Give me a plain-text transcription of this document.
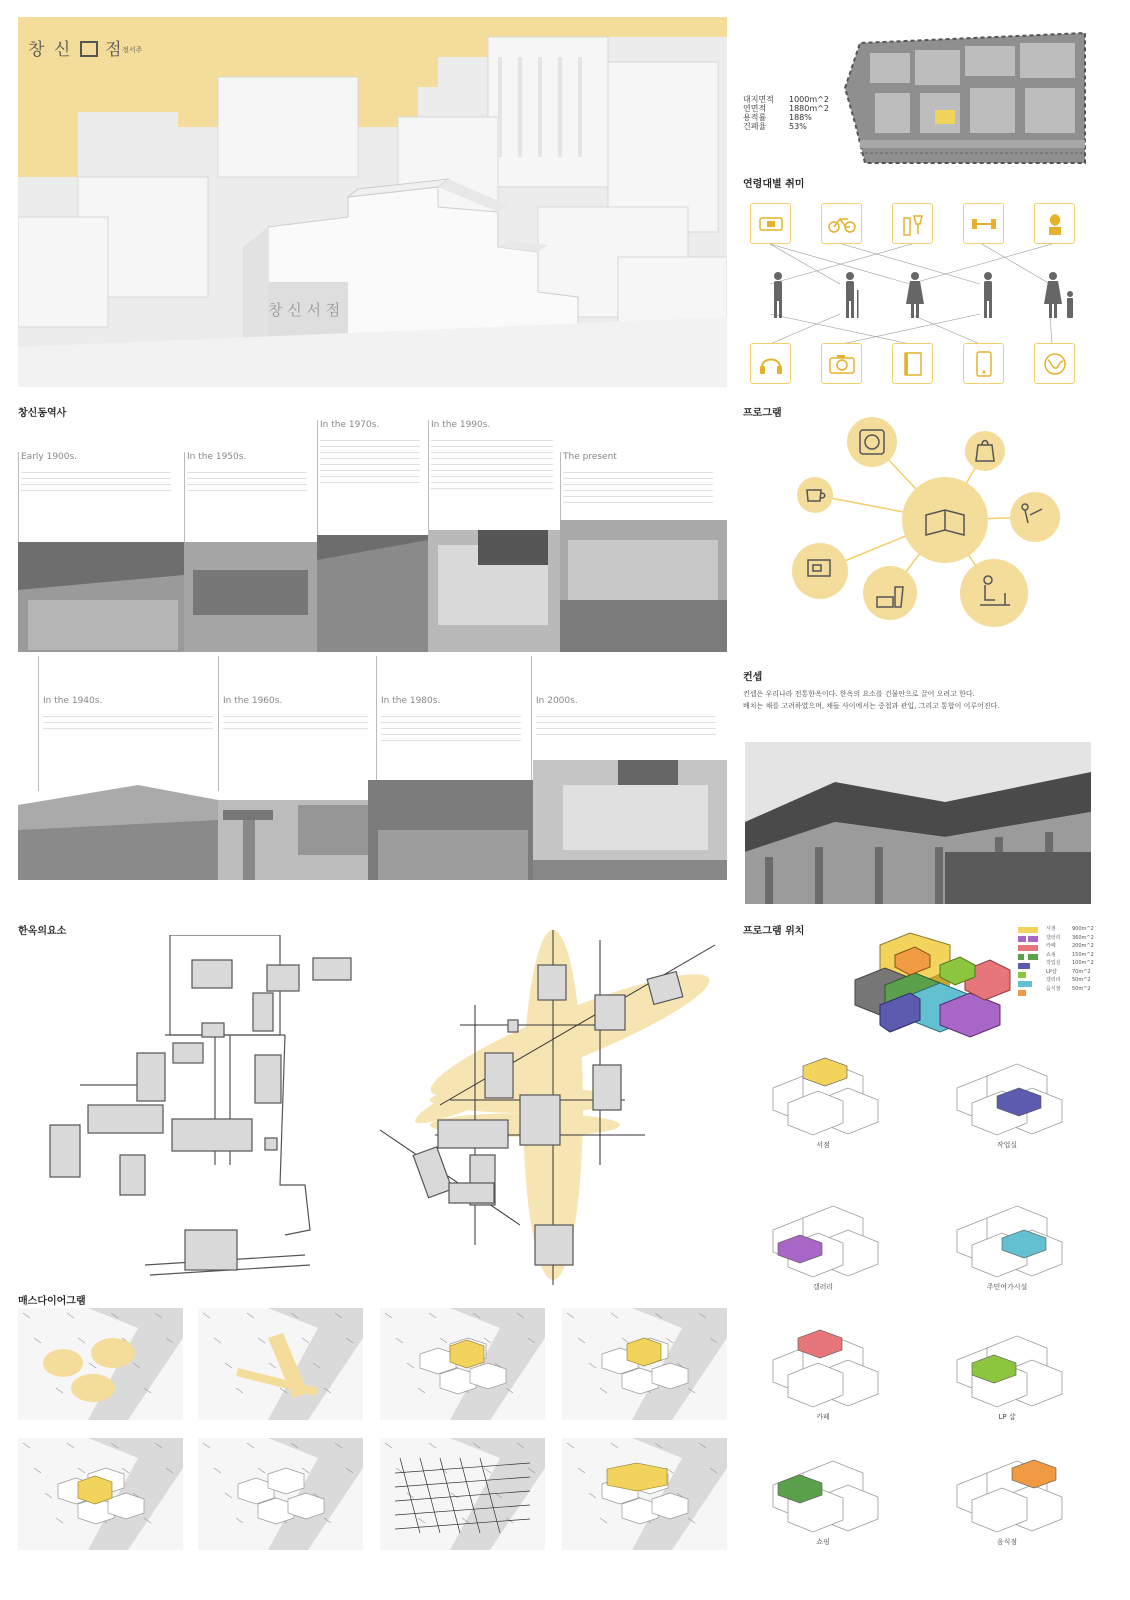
창 신 서 점
창 신 점
정서주
대지면적	1000m^2
연면적	1880m^2
용적률	188%
건폐율	53%
연령대별 취미
창신동역사
Early 1900s.	In the 1950s.
In the 1970s.	In the 1990s.
The present
In the 1940s.	In the 1960s.	In the 1980s.	In 2000s.
프로그램
컨셉
컨셉은 우리나라 전통한옥이다. 한옥의 요소를 건물안으로 끌어 오려고 한다.
배치는 채를 고려하였으며, 채들 사이에서는 중첩과 관입, 그리고 통합이 이루어진다.
한옥의요소	프로그램 위치	서점	900m^2
갤러리 360m^2
카페	200m^2
쇼핑	150m^2
작업실 100m^2
LP샵	70m^2
갤러리 50m^2
음식점 50m^2
서점	작업실
갤러리	주민여가시설
카페	LP 샵
쇼핑	음식점
매스다이어그램
